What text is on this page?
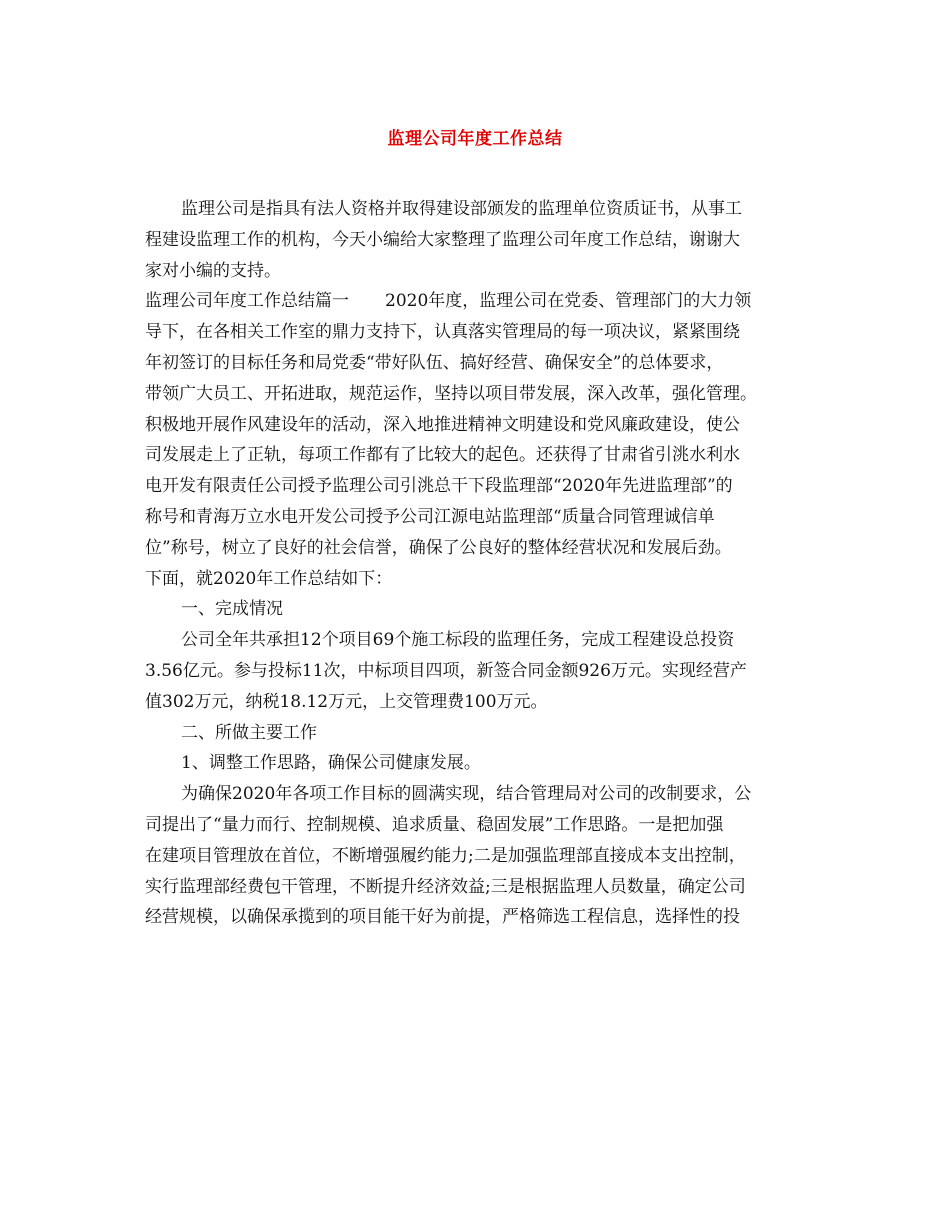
监理公司年度工作总结
监理公司是指具有法人资格并取得建设部颁发的监理单位资质证书，从事工
程建设监理工作的机构，今天小编给大家整理了监理公司年度工作总结，谢谢大
家对小编的支持。
监理公司年度工作总结篇一 2020年度，监理公司在党委、管理部门的大力领
导下，在各相关工作室的鼎力支持下，认真落实管理局的每一项决议，紧紧围绕
年初签订的目标任务和局党委“带好队伍、搞好经营、确保安全”的总体要求，
带领广大员工、开拓进取，规范运作，坚持以项目带发展，深入改革，强化管理。
积极地开展作风建设年的活动，深入地推进精神文明建设和党风廉政建设，使公
司发展走上了正轨，每项工作都有了比较大的起色。还获得了甘肃省引洮水利水
电开发有限责任公司授予监理公司引洮总干下段监理部“2020年先进监理部”的
称号和青海万立水电开发公司授予公司江源电站监理部“质量合同管理诚信单
位”称号，树立了良好的社会信誉，确保了公良好的整体经营状况和发展后劲。
下面，就2020年工作总结如下：
一、完成情况
公司全年共承担12个项目69个施工标段的监理任务，完成工程建设总投资
3.56亿元。参与投标11次，中标项目四项，新签合同金额926万元。实现经营产
值302万元，纳税18.12万元，上交管理费100万元。
二、所做主要工作
1、调整工作思路，确保公司健康发展。
为确保2020年各项工作目标的圆满实现，结合管理局对公司的改制要求，公
司提出了“量力而行、控制规模、追求质量、稳固发展”工作思路。一是把加强
在建项目管理放在首位，不断增强履约能力;二是加强监理部直接成本支出控制，
实行监理部经费包干管理，不断提升经济效益;三是根据监理人员数量，确定公司
经营规模，以确保承揽到的项目能干好为前提，严格筛选工程信息，选择性的投
